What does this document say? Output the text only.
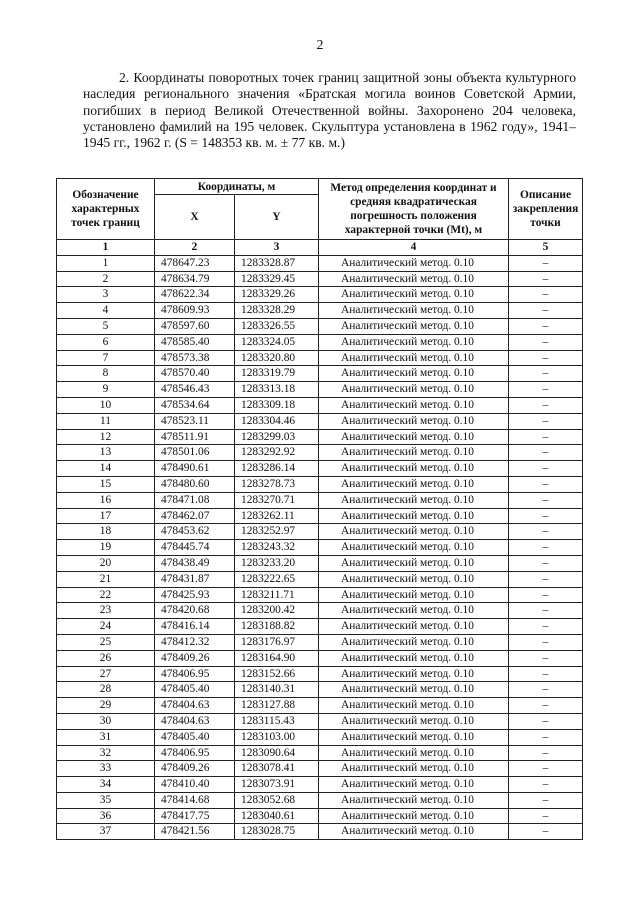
2

2. Координаты поворотных точек границ защитной зоны объекта культурного наследия регионального значения «Братская могила воинов Советской Армии, погибших в период Великой Отечественной войны. Захоронено 204 человека, установлено фамилий на 195 человек. Скульптура установлена в 1962 году», 1941–1945 гг., 1962 г. (S = 148353 кв. м. ± 77 кв. м.)

Обозначение характерных точек границ	Координаты, м		Метод определения координат и средняя квадратическая погрешность положения характерной точки (Mt), м	Описание закрепления точки
	X	Y		
1	2	3	4	5
1	478647.23	1283328.87	Аналитический метод. 0.10	–
2	478634.79	1283329.45	Аналитический метод. 0.10	–
3	478622.34	1283329.26	Аналитический метод. 0.10	–
4	478609.93	1283328.29	Аналитический метод. 0.10	–
5	478597.60	1283326.55	Аналитический метод. 0.10	–
6	478585.40	1283324.05	Аналитический метод. 0.10	–
7	478573.38	1283320.80	Аналитический метод. 0.10	–
8	478570.40	1283319.79	Аналитический метод. 0.10	–
9	478546.43	1283313.18	Аналитический метод. 0.10	–
10	478534.64	1283309.18	Аналитический метод. 0.10	–
11	478523.11	1283304.46	Аналитический метод. 0.10	–
12	478511.91	1283299.03	Аналитический метод. 0.10	–
13	478501.06	1283292.92	Аналитический метод. 0.10	–
14	478490.61	1283286.14	Аналитический метод. 0.10	–
15	478480.60	1283278.73	Аналитический метод. 0.10	–
16	478471.08	1283270.71	Аналитический метод. 0.10	–
17	478462.07	1283262.11	Аналитический метод. 0.10	–
18	478453.62	1283252.97	Аналитический метод. 0.10	–
19	478445.74	1283243.32	Аналитический метод. 0.10	–
20	478438.49	1283233.20	Аналитический метод. 0.10	–
21	478431.87	1283222.65	Аналитический метод. 0.10	–
22	478425.93	1283211.71	Аналитический метод. 0.10	–
23	478420.68	1283200.42	Аналитический метод. 0.10	–
24	478416.14	1283188.82	Аналитический метод. 0.10	–
25	478412.32	1283176.97	Аналитический метод. 0.10	–
26	478409.26	1283164.90	Аналитический метод. 0.10	–
27	478406.95	1283152.66	Аналитический метод. 0.10	–
28	478405.40	1283140.31	Аналитический метод. 0.10	–
29	478404.63	1283127.88	Аналитический метод. 0.10	–
30	478404.63	1283115.43	Аналитический метод. 0.10	–
31	478405.40	1283103.00	Аналитический метод. 0.10	–
32	478406.95	1283090.64	Аналитический метод. 0.10	–
33	478409.26	1283078.41	Аналитический метод. 0.10	–
34	478410.40	1283073.91	Аналитический метод. 0.10	–
35	478414.68	1283052.68	Аналитический метод. 0.10	–
36	478417.75	1283040.61	Аналитический метод. 0.10	–
37	478421.56	1283028.75	Аналитический метод. 0.10	–
